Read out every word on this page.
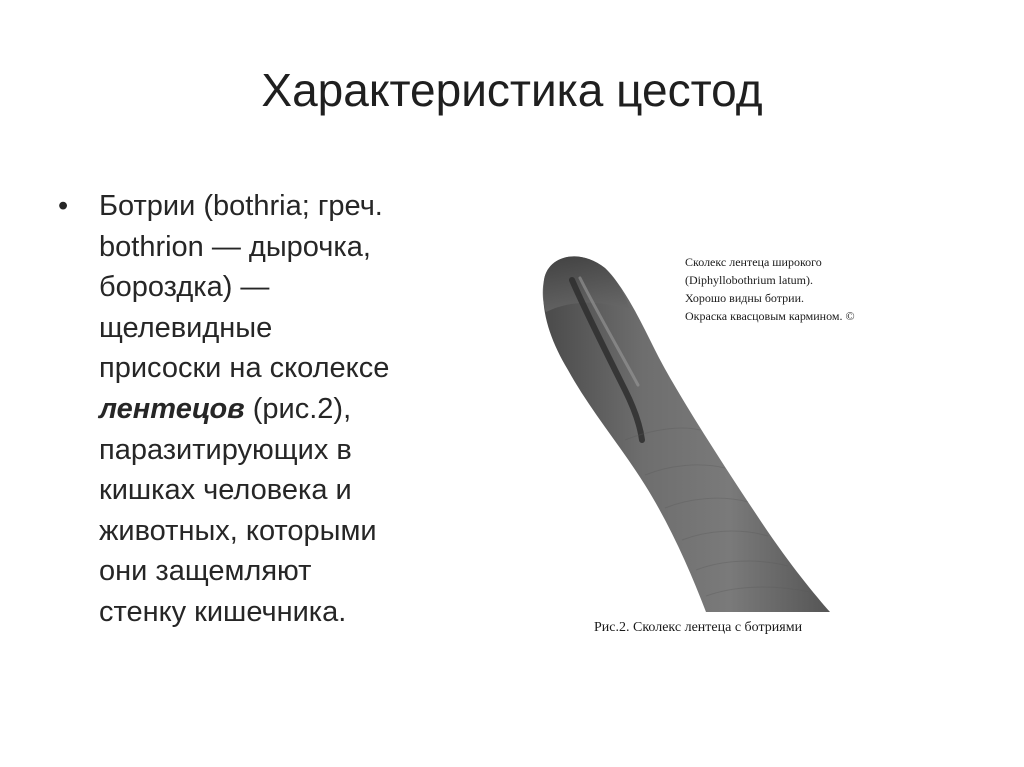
Характеристика цестод
•	Ботрии (bothria; греч.
bothrion — дырочка,
бороздка) —
щелевидные
присоски на сколексе
лентецов (рис.2),
паразитирующих в
кишках человека и
животных, которыми
они защемляют
стенку кишечника.
Сколекс лентеца широкого
(Diphyllobothrium latum).
Хорошо видны ботрии.
Окраска квасцовым кармином. ©
Рис.2. Сколекс лентеца с ботриями
